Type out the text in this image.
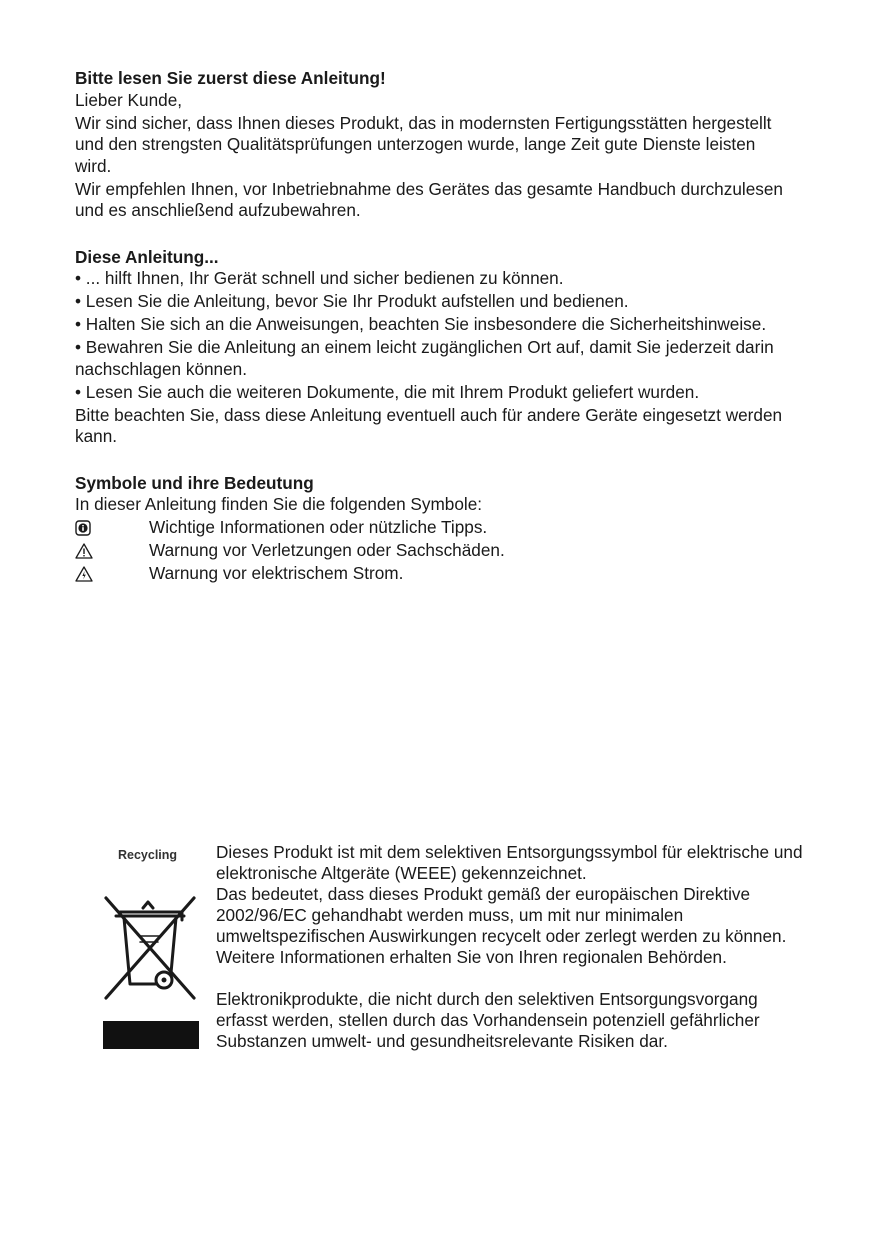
Bitte lesen Sie zuerst diese Anleitung!

Lieber Kunde,

Wir sind sicher, dass Ihnen dieses Produkt, das in modernsten Fertigungsstätten hergestellt und den strengsten Qualitätsprüfungen unterzogen wurde, lange Zeit gute Dienste leisten wird.

Wir empfehlen Ihnen, vor Inbetriebnahme des Gerätes das gesamte Handbuch durchzulesen und es anschließend aufzubewahren.

Diese Anleitung...

• ... hilft Ihnen, Ihr Gerät schnell und sicher bedienen zu können.

• Lesen Sie die Anleitung, bevor Sie Ihr Produkt aufstellen und bedienen.

• Halten Sie sich an die Anweisungen, beachten Sie insbesondere die Sicherheitshinweise.

• Bewahren Sie die Anleitung an einem leicht zugänglichen Ort auf, damit Sie jederzeit darin nachschlagen können.

• Lesen Sie auch die weiteren Dokumente, die mit Ihrem Produkt geliefert wurden.

Bitte beachten Sie, dass diese Anleitung eventuell auch für andere Geräte eingesetzt werden kann.

Symbole und ihre Bedeutung

In dieser Anleitung finden Sie die folgenden Symbole:

Wichtige Informationen oder nützliche Tipps.
Warnung vor Verletzungen oder Sachschäden.
Warnung vor elektrischem Strom.
Recycling Dieses Produkt ist mit dem selektiven Entsorgungssymbol für elektrische und elektronische Altgeräte (WEEE) gekennzeichnet.

Das bedeutet, dass dieses Produkt gemäß der europäischen Direktive 2002/96/EC gehandhabt werden muss, um mit nur minimalen umweltspezifischen Auswirkungen recycelt oder zerlegt werden zu können. Weitere Informationen erhalten Sie von Ihren regionalen Behörden.

Elektronikprodukte, die nicht durch den selektiven Entsorgungsvorgang erfasst werden, stellen durch das Vorhandensein potenziell gefährlicher Substanzen umwelt- und gesundheitsrelevante Risiken dar.
